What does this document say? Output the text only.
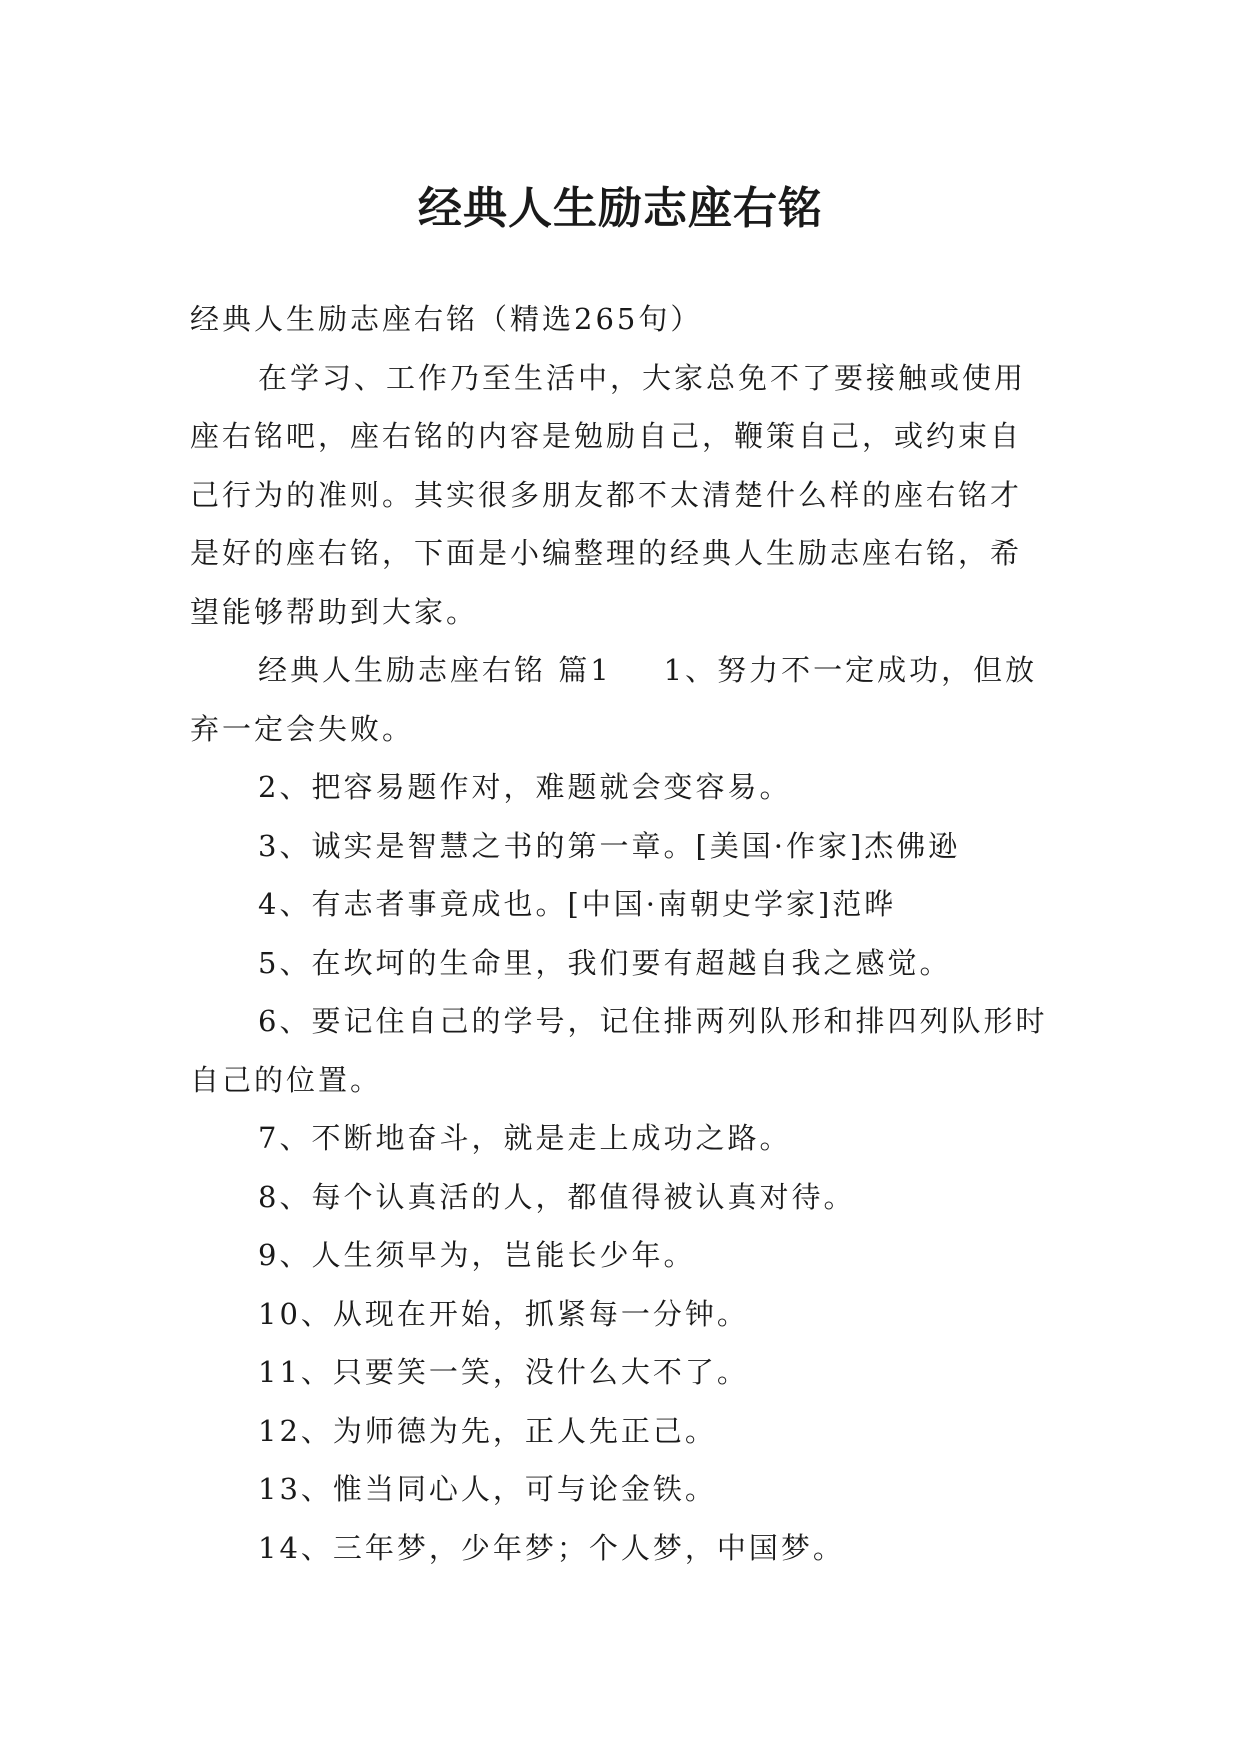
经典人生励志座右铭

经典人生励志座右铭（精选265句）

在学习、工作乃至生活中，大家总免不了要接触或使用座右铭吧，座右铭的内容是勉励自己，鞭策自己，或约束自己行为的准则。其实很多朋友都不太清楚什么样的座右铭才是好的座右铭，下面是小编整理的经典人生励志座右铭，希望能够帮助到大家。

经典人生励志座右铭 篇1 1、努力不一定成功，但放弃一定会失败。

2、把容易题作对，难题就会变容易。

3、诚实是智慧之书的第一章。[美国·作家]杰佛逊

4、有志者事竟成也。[中国·南朝史学家]范晔

5、在坎坷的生命里，我们要有超越自我之感觉。

6、要记住自己的学号，记住排两列队形和排四列队形时自己的位置。

7、不断地奋斗，就是走上成功之路。

8、每个认真活的人，都值得被认真对待。

9、人生须早为，岂能长少年。

10、从现在开始，抓紧每一分钟。

11、只要笑一笑，没什么大不了。

12、为师德为先，正人先正己。

13、惟当同心人，可与论金铁。

14、三年梦，少年梦；个人梦，中国梦。
